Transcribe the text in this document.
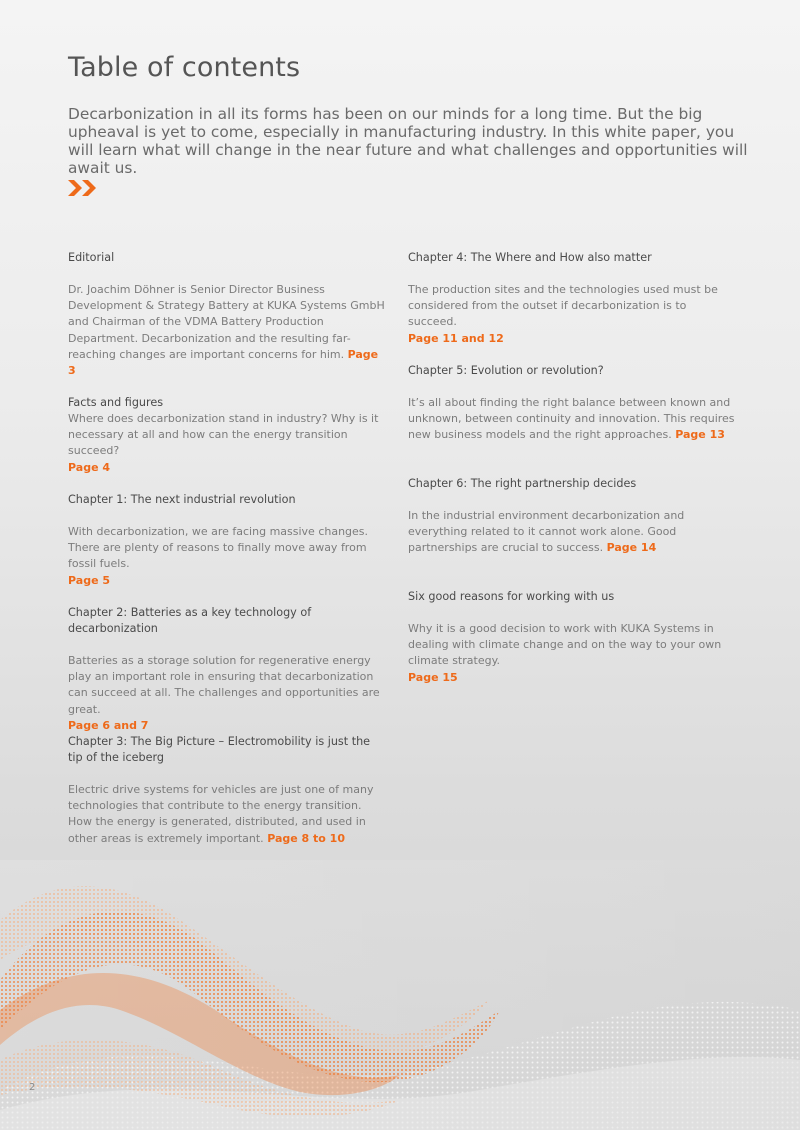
Table of contents

Decarbonization in all its forms has been on our minds for a long time. But the big upheaval is yet to come, especially in manufacturing industry. In this white paper, you will learn what will change in the near future and what challenges and opportunities will await us.

Editorial

Dr. Joachim Döhner is Senior Director Business Development & Strategy Battery at KUKA Systems GmbH and Chairman of the VDMA Battery Production Department. Decarbonization and the resulting far-reaching changes are important concerns for him. Page 3

Facts and figures

Where does decarbonization stand in industry? Why is it necessary at all and how can the energy transition succeed?
Page 4

Chapter 1: The next industrial revolution

With decarbonization, we are facing massive changes. There are plenty of reasons to finally move away from fossil fuels.
Page 5

Chapter 2: Batteries as a key technology of decarbonization

Batteries as a storage solution for regenerative energy play an important role in ensuring that decarbonization can succeed at all. The challenges and opportunities are great.
Page 6 and 7

Chapter 3: The Big Picture – Electromobility is just the tip of the iceberg

Electric drive systems for vehicles are just one of many technologies that contribute to the energy transition. How the energy is generated, distributed, and used in other areas is extremely important. Page 8 to 10

Chapter 4: The Where and How also matter

The production sites and the technologies used must be considered from the outset if decarbonization is to succeed.
Page 11 and 12

Chapter 5: Evolution or revolution?

It’s all about finding the right balance between known and unknown, between continuity and innovation. This requires new business models and the right approaches. Page 13

Chapter 6: The right partnership decides

In the industrial environment decarbonization and everything related to it cannot work alone. Good partnerships are crucial to success. Page 14

Six good reasons for working with us

Why it is a good decision to work with KUKA Systems in dealing with climate change and on the way to your own climate strategy.
Page 15

2
